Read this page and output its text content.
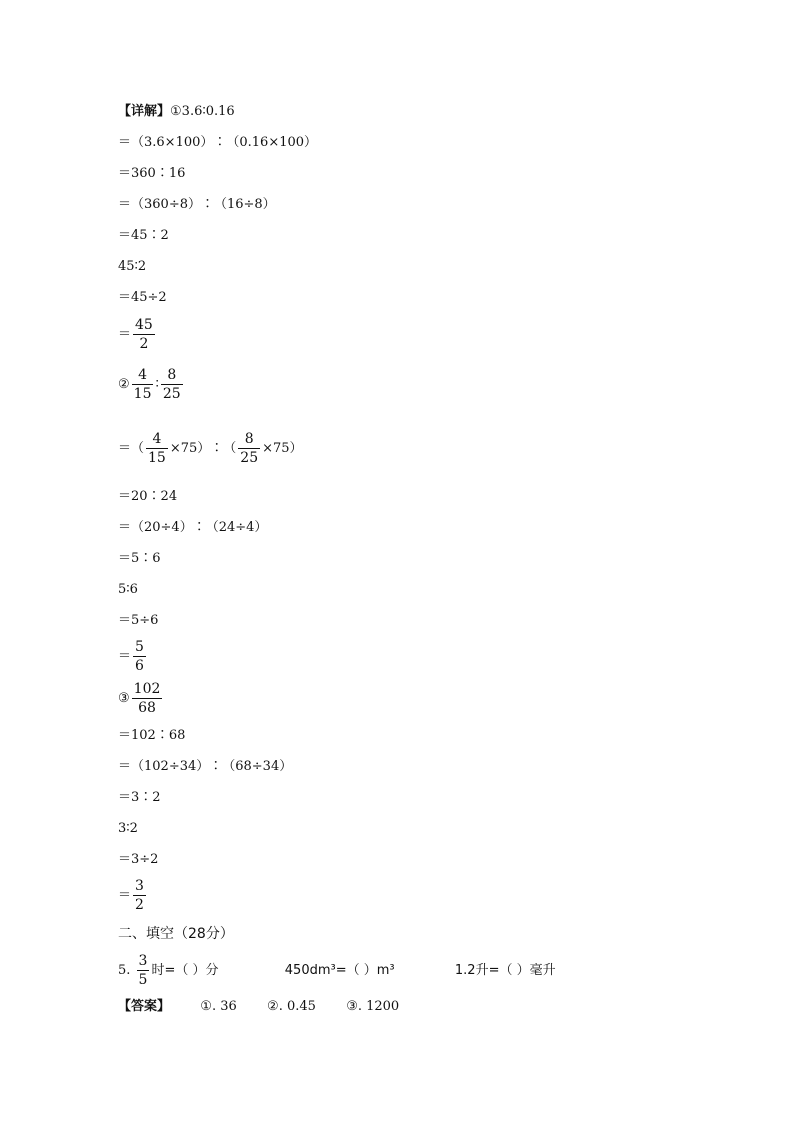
【详解】①3.6∶0.16
＝（3.6×100）∶（0.16×100）
＝360∶16
＝（360÷8）∶（16÷8）
＝45∶2
45∶2
＝45÷2
＝ $\frac{45}{2}$
② $\frac{4}{15}$ ∶ $\frac{8}{25}$
＝（ $\frac{4}{15}$ ×75）∶（ $\frac{8}{25} \times 75$）
＝20∶24
＝（20÷4）∶（24÷4）
＝5∶6
5∶6
＝5÷6
＝ $\frac{5}{6}$
③ $\frac{102}{68}$
＝102∶68
＝（102÷34）∶（68÷34）
＝3∶2
3∶2
＝3÷2
＝ $\frac{3}{2}$
二、填空（28分）
5. $\frac{3}{5}$ 时=（ ）分	450dm³=（ ）m³	1.2升=（ ）毫升
【答案】 ①. 36 ②. 0.45 ③. 1200
